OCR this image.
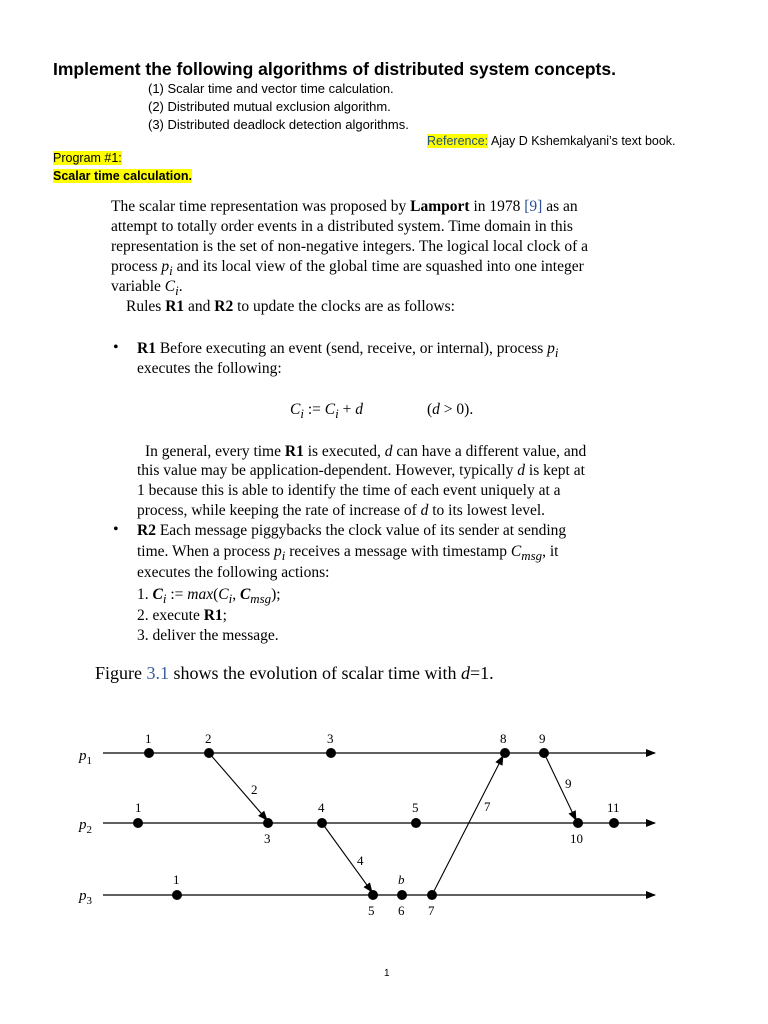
Implement the following algorithms of distributed system concepts.
(1) Scalar time and vector time calculation.
(2) Distributed mutual exclusion algorithm.
(3) Distributed deadlock detection algorithms.
Reference: Ajay D Kshemkalyani’s text book.
Program #1:
Scalar time calculation.
The scalar time representation was proposed by Lamport in 1978 [9] as an
attempt to totally order events in a distributed system. Time domain in this
representation is the set of non-negative integers. The logical local clock of a
process $p_i$ and its local view of the global time are squashed into one integer
variable $C_i$.
Rules R1 and R2 to update the clocks are as follows:
• R1 Before executing an event (send, receive, or internal), process $p_i$
executes the following:
$C_i$ := $C_i + d$	(d > 0).
In general, every time R1 is executed, d can have a different value, and
this value may be application-dependent. However, typically d is kept at
1 because this is able to identify the time of each event uniquely at a
process, while keeping the rate of increase of d to its lowest level.
• R2 Each message piggybacks the clock value of its sender at sending
time. When a process $p_i$ receives a message with timestamp $C_{msg}$, it
executes the following actions:
1. $C_i$ := $\max(C_i$, $C_{msg}$);
2. execute R1;
3. deliver the message.
Figure 3.1 shows the evolution of scalar time with d=1.
$p_1$
$p_2$
$p_3$
2
4
7
9
1	2	3	8	9
1
3
4	5
10
11
1
5
b
6 7
1
